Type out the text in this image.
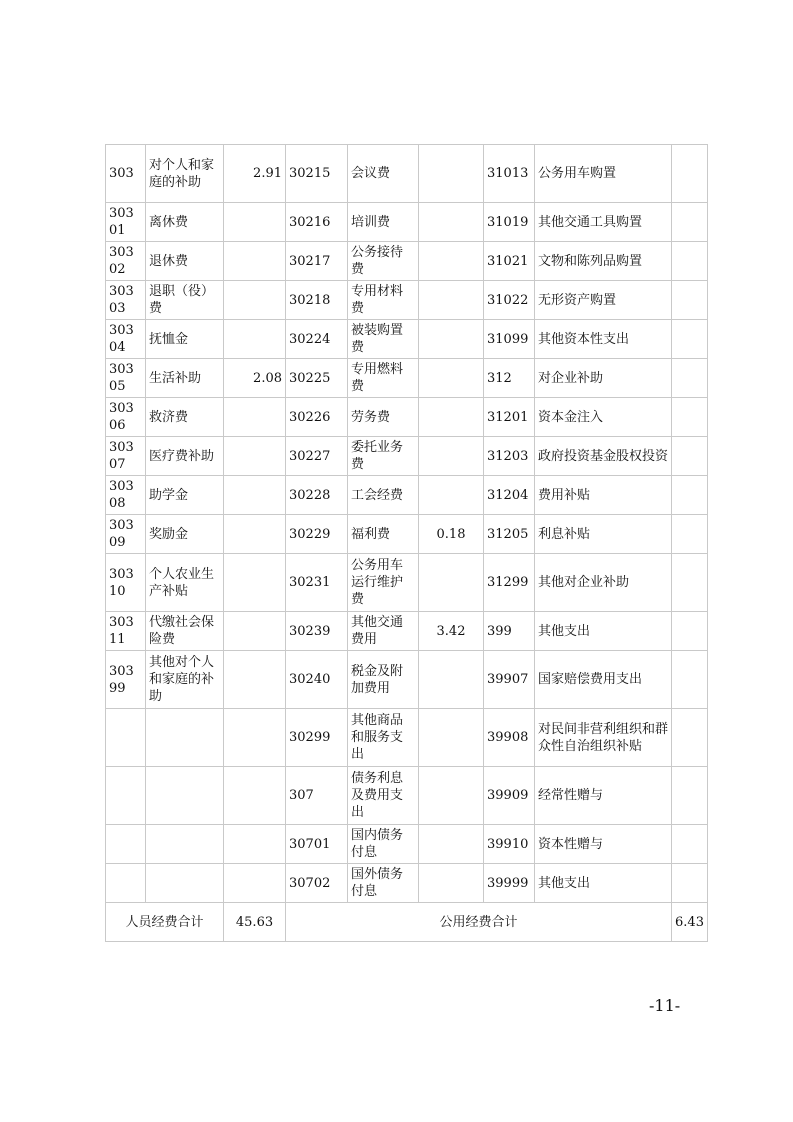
303	对个人和家庭的补助	2.91	30215	会议费		31013	公务用车购置	
30301	离休费		30216	培训费		31019	其他交通工具购置	
30302	退休费		30217	公务接待费		31021	文物和陈列品购置	
30303	退职（役）费		30218	专用材料费		31022	无形资产购置	
30304	抚恤金		30224	被装购置费		31099	其他资本性支出	
30305	生活补助	2.08	30225	专用燃料费		312	对企业补助	
30306	救济费		30226	劳务费		31201	资本金注入	
30307	医疗费补助		30227	委托业务费		31203	政府投资基金股权投资	
30308	助学金		30228	工会经费		31204	费用补贴	
30309	奖励金		30229	福利费	0.18	31205	利息补贴	
30310	个人农业生产补贴		30231	公务用车运行维护费		31299	其他对企业补助	
30311	代缴社会保险费		30239	其他交通费用	3.42	399	其他支出	
30399	其他对个人和家庭的补助		30240	税金及附加费用		39907	国家赔偿费用支出	
			30299	其他商品和服务支出		39908	对民间非营利组织和群众性自治组织补贴	
			307	债务利息及费用支出		39909	经常性赠与	
			30701	国内债务付息		39910	资本性赠与	
			30702	国外债务付息		39999	其他支出	
人员经费合计		45.63	公用经费合计					6.43
-11-
